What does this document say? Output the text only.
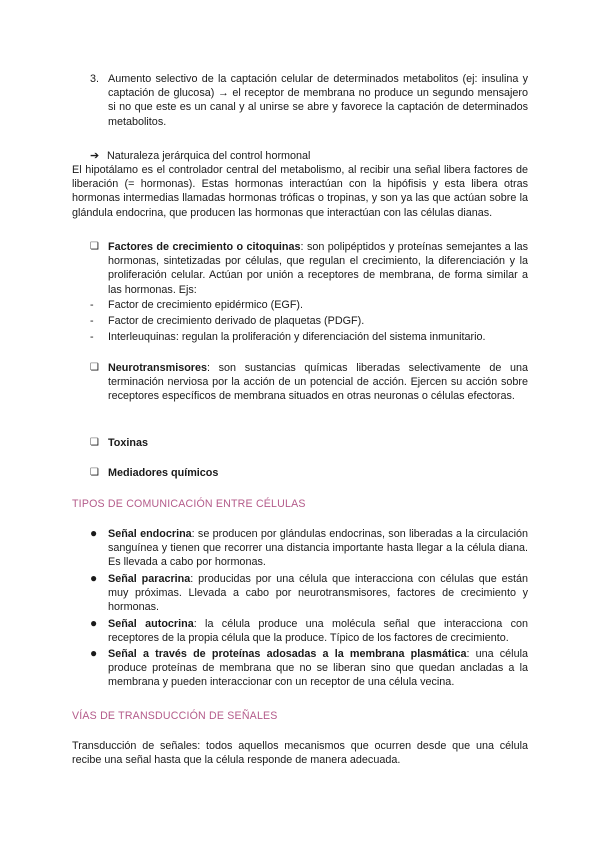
3. Aumento selectivo de la captación celular de determinados metabolitos (ej: insulina y captación de glucosa) → el receptor de membrana no produce un segundo mensajero si no que este es un canal y al unirse se abre y favorece la captación de determinados metabolitos.

➔ Naturaleza jerárquica del control hormonal

El hipotálamo es el controlador central del metabolismo, al recibir una señal libera factores de liberación (= hormonas). Estas hormonas interactúan con la hipófisis y esta libera otras hormonas intermedias llamadas hormonas tróficas o tropinas, y son ya las que actúan sobre la glándula endocrina, que producen las hormonas que interactúan con las células dianas.

❏ Factores de crecimiento o citoquinas: son polipéptidos y proteínas semejantes a las hormonas, sintetizadas por células, que regulan el crecimiento, la diferenciación y la proliferación celular. Actúan por unión a receptores de membrana, de forma similar a las hormonas. Ejs:

- Factor de crecimiento epidérmico (EGF).
- Factor de crecimiento derivado de plaquetas (PDGF).
- Interleuquinas: regulan la proliferación y diferenciación del sistema inmunitario.
❏ Neurotransmisores: son sustancias químicas liberadas selectivamente de una terminación nerviosa por la acción de un potencial de acción. Ejercen su acción sobre receptores específicos de membrana situados en otras neuronas o células efectoras.

❏ Toxinas

❏ Mediadores químicos

TIPOS DE COMUNICACIÓN ENTRE CÉLULAS
● Señal endocrina: se producen por glándulas endocrinas, son liberadas a la circulación sanguínea y tienen que recorrer una distancia importante hasta llegar a la célula diana. Es llevada a cabo por hormonas.

● Señal paracrina: producidas por una célula que interacciona con células que están muy próximas. Llevada a cabo por neurotransmisores, factores de crecimiento y hormonas.

● Señal autocrina: la célula produce una molécula señal que interacciona con receptores de la propia célula que la produce. Típico de los factores de crecimiento.

● Señal a través de proteínas adosadas a la membrana plasmática: una célula produce proteínas de membrana que no se liberan sino que quedan ancladas a la membrana y pueden interaccionar con un receptor de una célula vecina.

VÍAS DE TRANSDUCCIÓN DE SEÑALES

Transducción de señales: todos aquellos mecanismos que ocurren desde que una célula recibe una señal hasta que la célula responde de manera adecuada.
